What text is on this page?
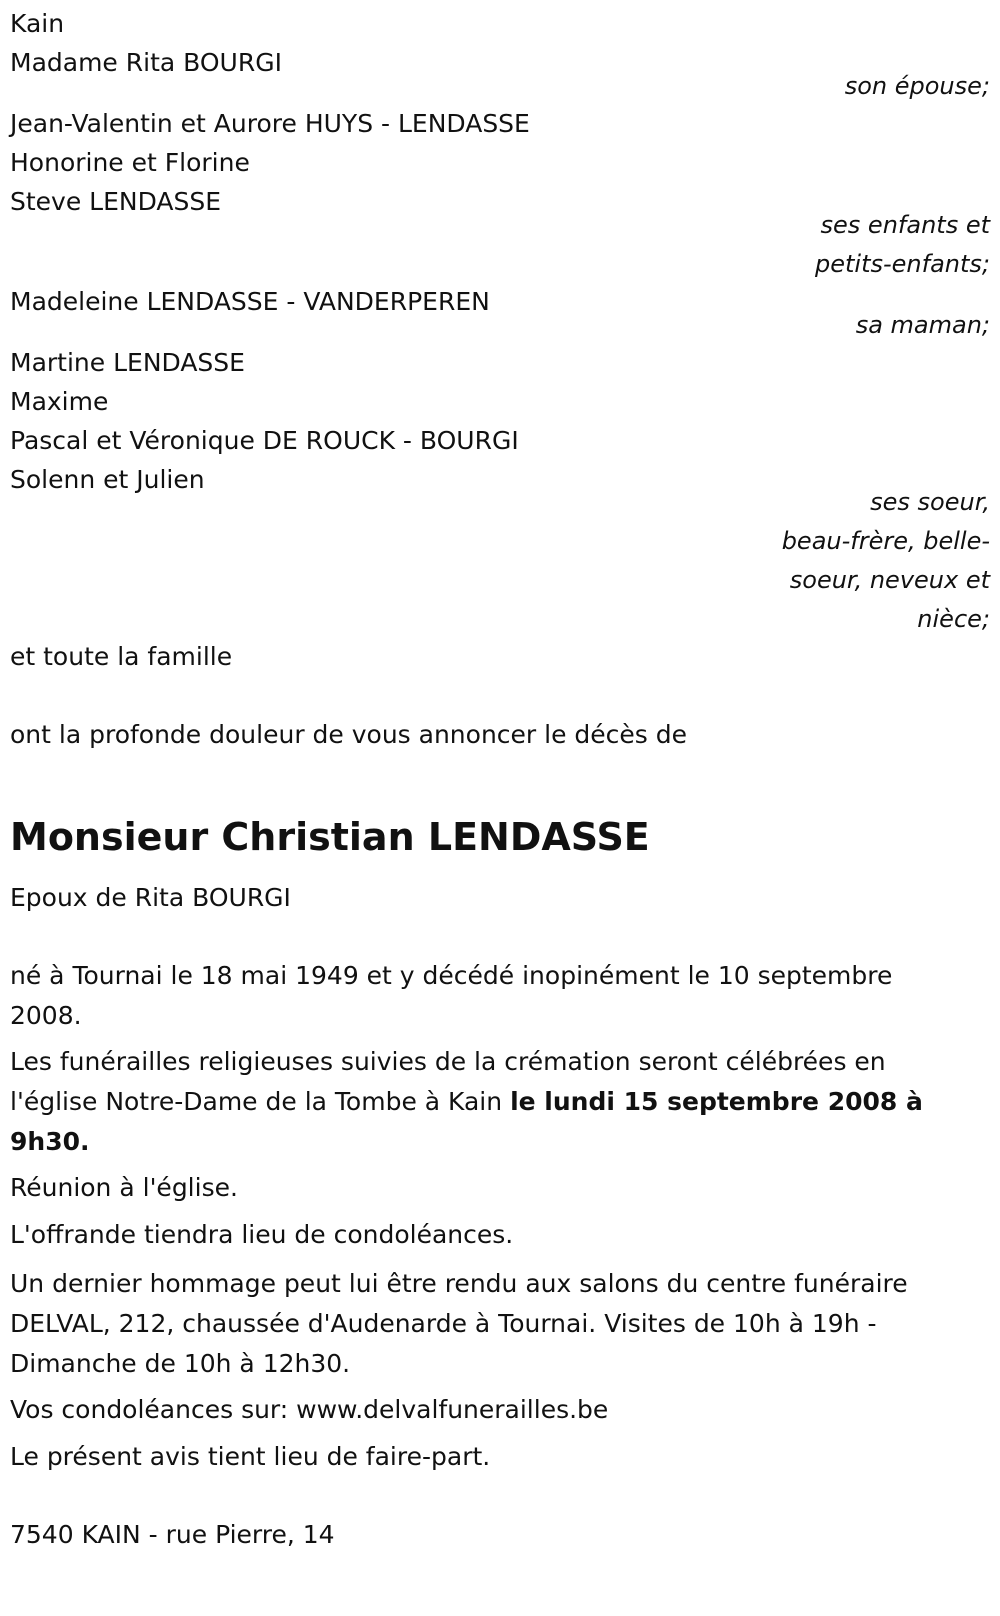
Kain
Madame Rita BOURGI
son épouse;
Jean-Valentin et Aurore HUYS - LENDASSE
Honorine et Florine
Steve LENDASSE
ses enfants et
petits-enfants;
Madeleine LENDASSE - VANDERPEREN
sa maman;
Martine LENDASSE
Maxime
Pascal et Véronique DE ROUCK - BOURGI
Solenn et Julien
ses soeur,
beau-frère, belle-
soeur, neveux et
nièce;
et toute la famille
ont la profonde douleur de vous annoncer le décès de
Monsieur Christian LENDASSE
Epoux de Rita BOURGI
né à Tournai le 18 mai 1949 et y décédé inopinément le 10 septembre 2008.
Les funérailles religieuses suivies de la crémation seront célébrées en l'église Notre-Dame de la Tombe à Kain le lundi 15 septembre 2008 à 9h30.
Réunion à l'église.
L'offrande tiendra lieu de condoléances.
Un dernier hommage peut lui être rendu aux salons du centre funéraire DELVAL, 212, chaussée d'Audenarde à Tournai. Visites de 10h à 19h - Dimanche de 10h à 12h30.
Vos condoléances sur: www.delvalfunerailles.be
Le présent avis tient lieu de faire-part.
7540 KAIN - rue Pierre, 14
